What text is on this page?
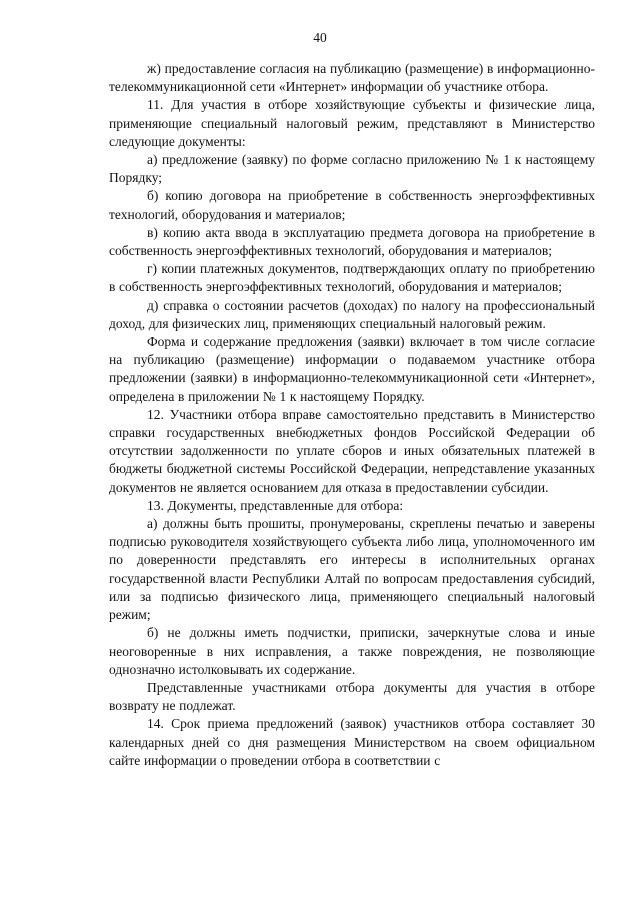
40

ж) предоставление согласия на публикацию (размещение) в информационно-телекоммуникационной сети «Интернет» информации об участнике отбора.

11. Для участия в отборе хозяйствующие субъекты и физические лица, применяющие специальный налоговый режим, представляют в Министерство следующие документы:

а) предложение (заявку) по форме согласно приложению № 1 к настоящему Порядку;

б) копию договора на приобретение в собственность энергоэффективных технологий, оборудования и материалов;

в) копию акта ввода в эксплуатацию предмета договора на приобретение в собственность энергоэффективных технологий, оборудования и материалов;

г) копии платежных документов, подтверждающих оплату по приобретению в собственность энергоэффективных технологий, оборудования и материалов;

д) справка о состоянии расчетов (доходах) по налогу на профессиональный доход, для физических лиц, применяющих специальный налоговый режим.

Форма и содержание предложения (заявки) включает в том числе согласие на публикацию (размещение) информации о подаваемом участнике отбора предложении (заявки) в информационно-телекоммуникационной сети «Интернет», определена в приложении № 1 к настоящему Порядку.

12. Участники отбора вправе самостоятельно представить в Министерство справки государственных внебюджетных фондов Российской Федерации об отсутствии задолженности по уплате сборов и иных обязательных платежей в бюджеты бюджетной системы Российской Федерации, непредставление указанных документов не является основанием для отказа в предоставлении субсидии.

13. Документы, представленные для отбора:

а) должны быть прошиты, пронумерованы, скреплены печатью и заверены подписью руководителя хозяйствующего субъекта либо лица, уполномоченного им по доверенности представлять его интересы в исполнительных органах государственной власти Республики Алтай по вопросам предоставления субсидий, или за подписью физического лица, применяющего специальный налоговый режим;

б) не должны иметь подчистки, приписки, зачеркнутые слова и иные неоговоренные в них исправления, а также повреждения, не позволяющие однозначно истолковывать их содержание.

Представленные участниками отбора документы для участия в отборе возврату не подлежат.

14. Срок приема предложений (заявок) участников отбора составляет 30 календарных дней со дня размещения Министерством на своем официальном сайте информации о проведении отбора в соответствии с
